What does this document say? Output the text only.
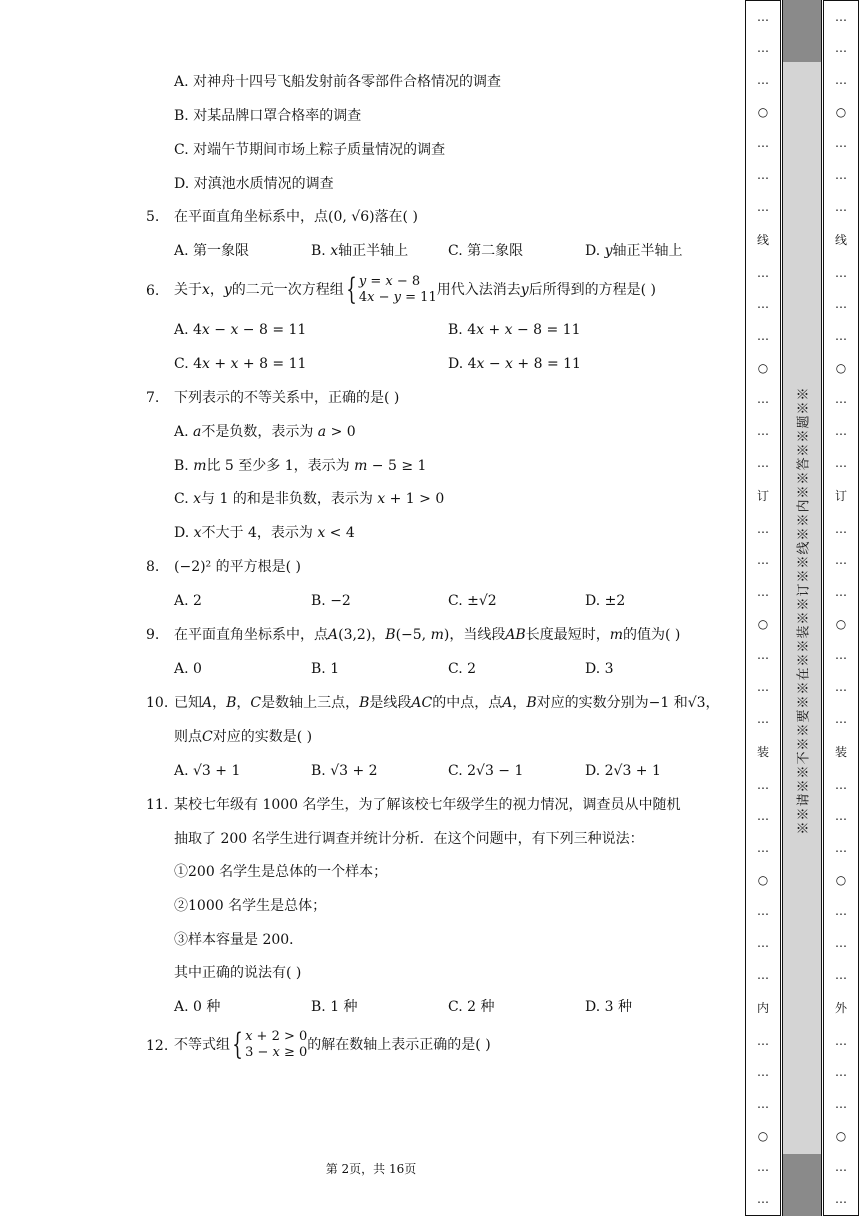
A. 对神舟十四号飞船发射前各零部件合格情况的调查
B. 对某品牌口罩合格率的调查
C. 对端午节期间市场上粽子质量情况的调查
D. 对滇池水质情况的调查
5. 在平面直角坐标系中，点(0, √6)落在( )
A. 第一象限	B. 𝑥轴正半轴上	C. 第二象限	D. 𝑦轴正半轴上
6. 关于𝑥，𝑦的二元一次方程组{ 𝑦 = 𝑥 − 8
4𝑥 − 𝑦 = 11 用代入法消去𝑦后所得到的方程是( )
A. 4𝑥 − 𝑥 − 8 = 11	B. 4𝑥 + 𝑥 − 8 = 11
C. 4𝑥 + 𝑥 + 8 = 11	D. 4𝑥 − 𝑥 + 8 = 11
7. 下列表示的不等关系中，正确的是( )
A. 𝑎不是负数，表示为 𝑎 > 0
B. 𝑚比 5 至少多 1，表示为 𝑚 − 5 ≥ 1
C. 𝑥与 1 的和是非负数，表示为 𝑥 + 1 > 0
D. 𝑥不大于 4，表示为 𝑥 < 4
8. (−2)² 的平方根是( )
A. 2	B. −2	C. ±√2	D. ±2
9. 在平面直角坐标系中，点𝐴(3,2)，𝐵(−5, 𝑚)，当线段𝐴𝐵长度最短时，𝑚的值为( )
A. 0	B. 1	C. 2	D. 3
10. 已知𝐴，𝐵，𝐶是数轴上三点，𝐵是线段𝐴𝐶的中点，点𝐴，𝐵对应的实数分别为−1 和√3，
则点𝐶对应的实数是( )
A. √3 + 1	B. √3 + 2	C. 2√3 − 1	D. 2√3 + 1
11. 某校七年级有 1000 名学生，为了解该校七年级学生的视力情况，调查员从中随机
抽取了 200 名学生进行调查并统计分析．在这个问题中，有下列三种说法：
①200 名学生是总体的一个样本；
②1000 名学生是总体；
③样本容量是 200．
其中正确的说法有( )
A. 0 种	B. 1 种	C. 2 种	D. 3 种
12. 不等式组{ 𝑥 + 2 > 0
3 − 𝑥 ≥ 0 的解在数轴上表示正确的是( )
第 2页，共 16页
…
…
…
○
…
…
…
线
…
…
…
○
…
…
…
订
…
…
…
○
…
…
…
装
…
…
…
○
…
…
…
内
…
…
…
○
…
…
※※请※※不※※要※※在※※装※※订※※线※※内※※答※※题※※
…
…
…
○
…
…
…
线
…
…
…
○
…
…
…
订
…
…
…
○
…
…
…
装
…
…
…
○
…
…
…
外
…
…
…
○
…
…
